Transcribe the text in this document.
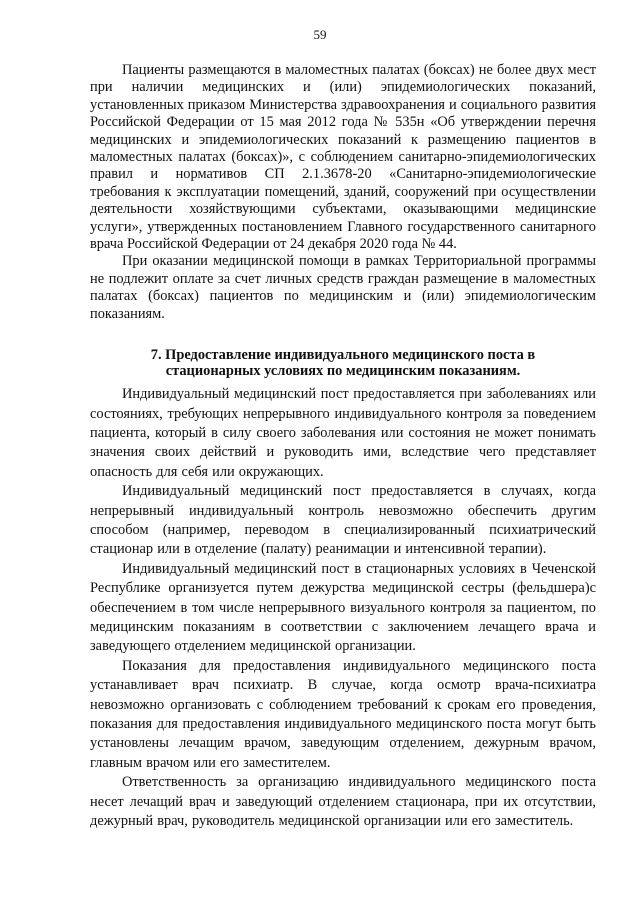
59

Пациенты размещаются в маломестных палатах (боксах) не более двух мест при наличии медицинских и (или) эпидемиологических показаний, установленных приказом Министерства здравоохранения и социального развития Российской Федерации от 15 мая 2012 года № 535н «Об утверждении перечня медицинских и эпидемиологических показаний к размещению пациентов в маломестных палатах (боксах)», с соблюдением санитарно-эпидемиологических правил и нормативов СП 2.1.3678-20 «Санитарно-эпидемиологические требования к эксплуатации помещений, зданий, сооружений при осуществлении деятельности хозяйствующими субъектами, оказывающими медицинские услуги», утвержденных постановлением Главного государственного санитарного врача Российской Федерации от 24 декабря 2020 года № 44.

При оказании медицинской помощи в рамках Территориальной программы не подлежит оплате за счет личных средств граждан размещение в маломестных палатах (боксах) пациентов по медицинским и (или) эпидемиологическим показаниям.

7. Предоставление индивидуального медицинского поста в стационарных условиях по медицинским показаниям.

Индивидуальный медицинский пост предоставляется при заболеваниях или состояниях, требующих непрерывного индивидуального контроля за поведением пациента, который в силу своего заболевания или состояния не может понимать значения своих действий и руководить ими, вследствие чего представляет опасность для себя или окружающих.

Индивидуальный медицинский пост предоставляется в случаях, когда непрерывный индивидуальный контроль невозможно обеспечить другим способом (например, переводом в специализированный психиатрический стационар или в отделение (палату) реанимации и интенсивной терапии).

Индивидуальный медицинский пост в стационарных условиях в Чеченской Республике организуется путем дежурства медицинской сестры (фельдшера)с обеспечением в том числе непрерывного визуального контроля за пациентом, по медицинским показаниям в соответствии с заключением лечащего врача и заведующего отделением медицинской организации.

Показания для предоставления индивидуального медицинского поста устанавливает врач психиатр. В случае, когда осмотр врача-психиатра невозможно организовать с соблюдением требований к срокам его проведения, показания для предоставления индивидуального медицинского поста могут быть установлены лечащим врачом, заведующим отделением, дежурным врачом, главным врачом или его заместителем.

Ответственность за организацию индивидуального медицинского поста несет лечащий врач и заведующий отделением стационара, при их отсутствии, дежурный врач, руководитель медицинской организации или его заместитель.
